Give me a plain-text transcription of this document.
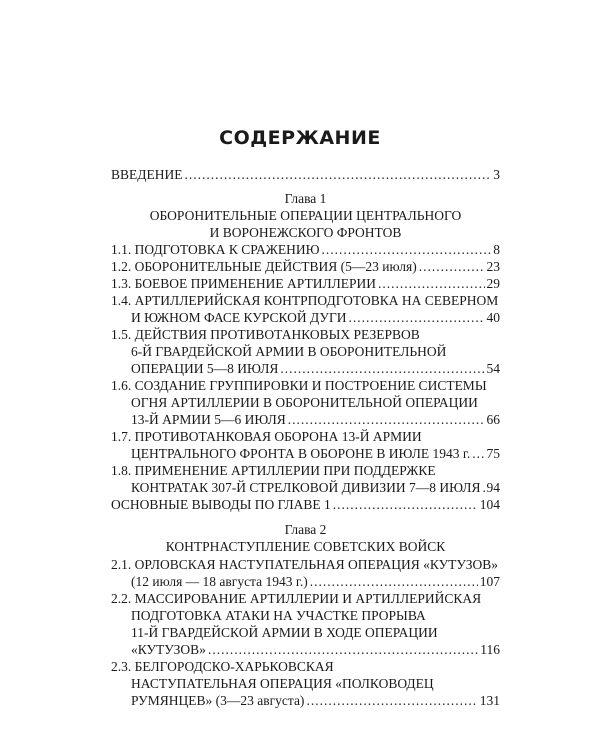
СОДЕРЖАНИЕ
ВВЕДЕНИЕ .....	3
Глава 1
ОБОРОНИТЕЛЬНЫЕ ОПЕРАЦИИ ЦЕНТРАЛЬНОГО
И ВОРОНЕЖСКОГО ФРОНТОВ
1.1. ПОДГОТОВКА К СРАЖЕНИЮ .....	8
1.2. ОБОРОНИТЕЛЬНЫЕ ДЕЙСТВИЯ (5—23 июля) .....	23
1.3. БОЕВОЕ ПРИМЕНЕНИЕ АРТИЛЛЕРИИ .....	29
1.4. АРТИЛЛЕРИЙСКАЯ КОНТРПОДГОТОВКА НА СЕВЕРНОМ
И ЮЖНОМ ФАСЕ КУРСКОЙ ДУГИ .....	40
1.5. ДЕЙСТВИЯ ПРОТИВОТАНКОВЫХ РЕЗЕРВОВ
6-Й ГВАРДЕЙСКОЙ АРМИИ В ОБОРОНИТЕЛЬНОЙ
ОПЕРАЦИИ 5—8 ИЮЛЯ .....	54
1.6. СОЗДАНИЕ ГРУППИРОВКИ И ПОСТРОЕНИЕ СИСТЕМЫ
ОГНЯ АРТИЛЛЕРИИ В ОБОРОНИТЕЛЬНОЙ ОПЕРАЦИИ
13-Й АРМИИ 5—6 ИЮЛЯ .....	66
1.7. ПРОТИВОТАНКОВАЯ ОБОРОНА 13-Й АРМИИ
ЦЕНТРАЛЬНОГО ФРОНТА В ОБОРОНЕ В ИЮЛЕ 1943 г. ..... 75
1.8. ПРИМЕНЕНИЕ АРТИЛЛЕРИИ ПРИ ПОДДЕРЖКЕ
КОНТРАТАК 307-Й СТРЕЛКОВОЙ ДИВИЗИИ 7—8 ИЮЛЯ ..... 94
ОСНОВНЫЕ ВЫВОДЫ ПО ГЛАВЕ 1 .....	104
Глава 2
КОНТРНАСТУПЛЕНИЕ СОВЕТСКИХ ВОЙСК
2.1. ОРЛОВСКАЯ НАСТУПАТЕЛЬНАЯ ОПЕРАЦИЯ «КУТУЗОВ»
(12 июля — 18 августа 1943 г.) .....	107
2.2. МАССИРОВАНИЕ АРТИЛЛЕРИИ И АРТИЛЛЕРИЙСКАЯ
ПОДГОТОВКА АТАКИ НА УЧАСТКЕ ПРОРЫВА
11-Й ГВАРДЕЙСКОЙ АРМИИ В ХОДЕ ОПЕРАЦИИ
«КУТУЗОВ» .....	116
2.3. БЕЛГОРОДСКО-ХАРЬКОВСКАЯ
НАСТУПАТЕЛЬНАЯ ОПЕРАЦИЯ «ПОЛКОВОДЕЦ
РУМЯНЦЕВ» (3—23 августа) .....	131
